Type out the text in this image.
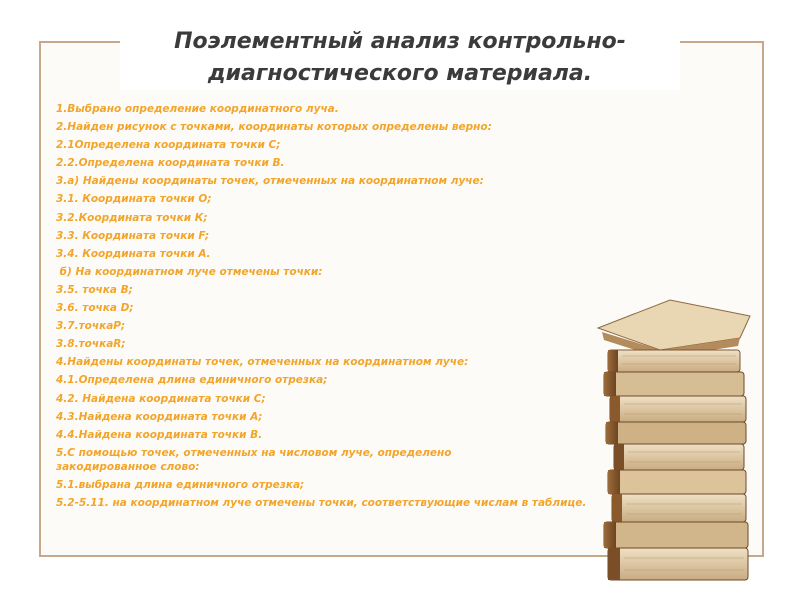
Поэлементный анализ контрольно-диагностического материала.
1.Выбрано определение координатного луча.
2.Найден рисунок с точками, координаты которых определены верно:
2.1Определена координата точки С;
2.2.Определена координата точки В.
3.а) Найдены координаты точек, отмеченных на координатном луче:
3.1. Координата точки О;
3.2.Координата точки К;
3.3. Координата точки F;
3.4. Координата точки А.
б) На координатном луче отмечены точки:
3.5. точка В;
3.6. точка D;
3.7.точкаР;
3.8.точкаR;
4.Найдены координаты точек, отмеченных на координатном луче:
4.1.Определена длина единичного отрезка;
4.2. Найдена координата точки С;
4.3.Найдена координата точки А;
4.4.Найдена координата точки В.
5.С помощью точек, отмеченных на числовом луче, определено закодированное слово:
5.1.выбрана длина единичного отрезка;
5.2-5.11. на координатном луче отмечены точки, соответствующие числам в таблице.
